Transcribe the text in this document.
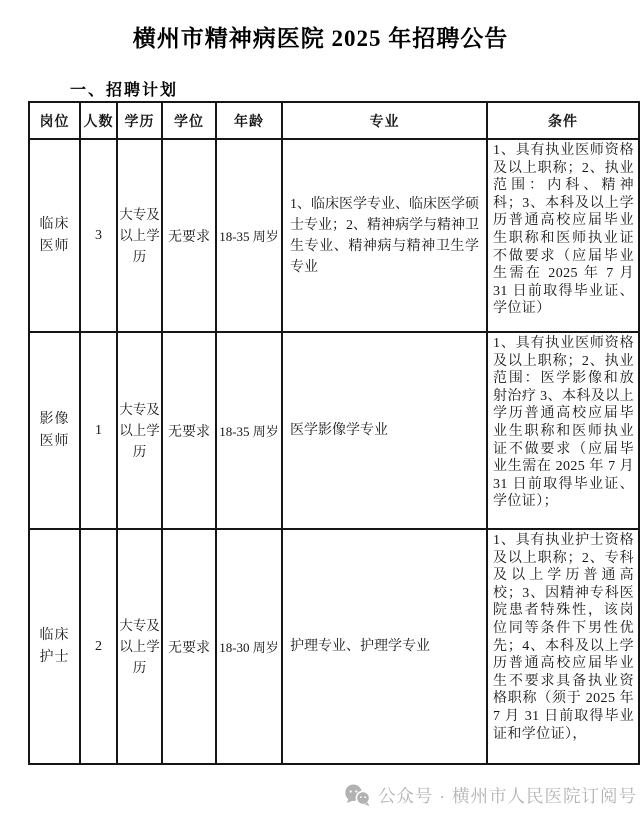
横州市精神病医院 2025 年招聘公告
一、招聘计划
岗位	人数	学历	学位	年龄	专业	条件
临床医师	3	大专及以上学历	无要求	18-35 周岁	1、临床医学专业、临床医学硕士专业；2、精神病学与精神卫生专业、精神病与精神卫生学专业	1、具有执业医师资格及以上职称；2、执业范围：内科、精神科；3、本科及以上学历普通高校应届毕业生职称和医师执业证不做要求（应届毕业生需在 2025 年 7 月 31 日前取得毕业证、学位证）
影像医师	1	大专及以上学历	无要求	18-35 周岁	医学影像学专业	1、具有执业医师资格及以上职称；2、执业范围：医学影像和放射治疗 3、本科及以上学历普通高校应届毕业生职称和医师执业证不做要求（应届毕业生需在 2025 年 7 月 31 日前取得毕业证、学位证）；
临床护士	2	大专及以上学历	无要求	18-30 周岁	护理专业、护理学专业	1、具有执业护士资格及以上职称；2、专科及以上学历普通高校；3、因精神专科医院患者特殊性，该岗位同等条件下男性优先；4、本科及以上学历普通高校应届毕业生不要求具备执业资格职称（须于 2025 年 7 月 31 日前取得毕业证和学位证），
公众号 · 横州市人民医院订阅号
